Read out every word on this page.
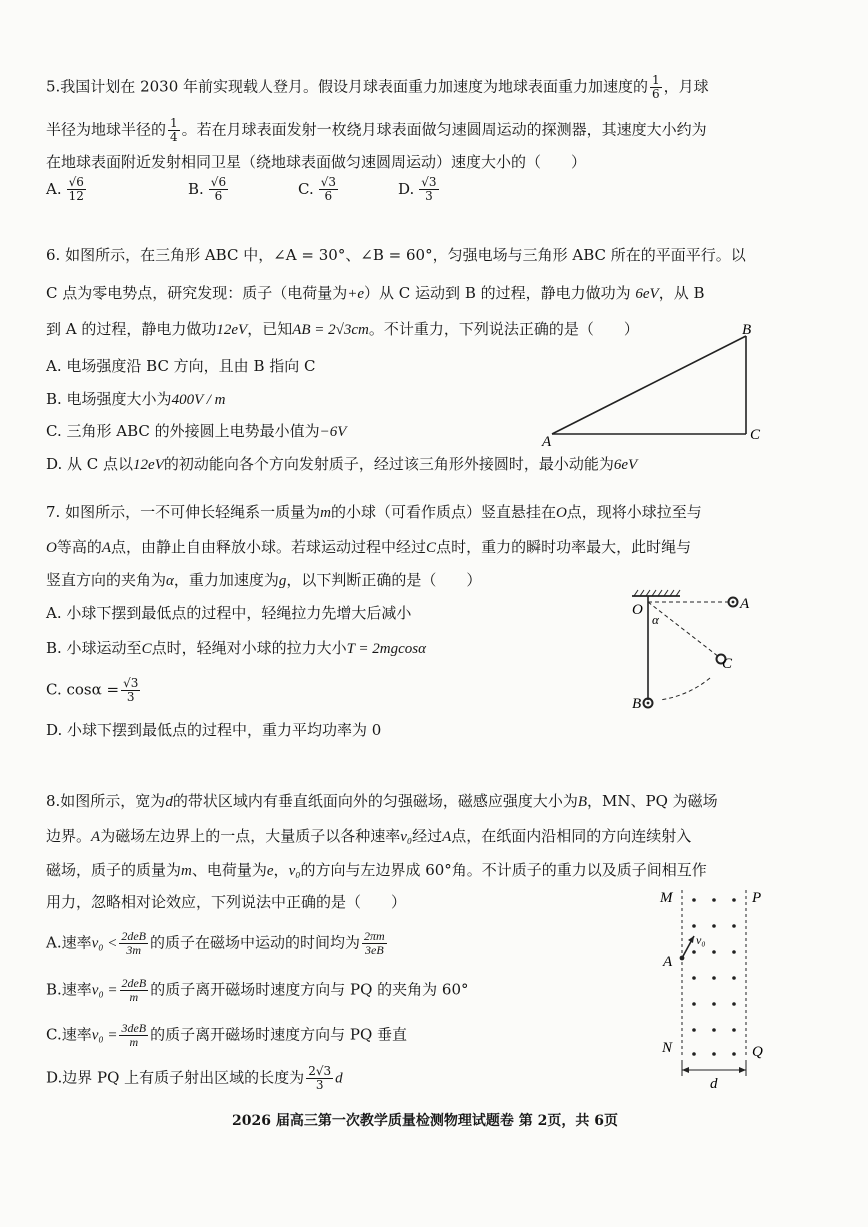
5.我国计划在 2030 年前实现载人登月。假设月球表面重力加速度为地球表面重力加速度的 $\frac{1}{6}$ ，月球
半径为地球半径的 $\frac{1}{4}$ 。若在月球表面发射一枚绕月球表面做匀速圆周运动的探测器，其速度大小约为
在地球表面附近发射相同卫星（绕地球表面做匀速圆周运动）速度大小的（　　）
A. $\frac{√6}{12}$	B. $\frac{√6}{6}$	C. $\frac{√3}{6}$	D. $\frac{√3}{3}$
6. 如图所示，在三角形 ABC 中，∠A = 30°、∠B = 60°，匀强电场与三角形 ABC 所在的平面平行。以
C 点为零电势点，研究发现：质子（电荷量为+e）从 C 运动到 B 的过程，静电力做功为 6eV，从 B
到 A 的过程，静电力做功12eV，已知AB = 2√3cm。不计重力，下列说法正确的是（　　）
A. 电场强度沿 BC 方向，且由 B 指向 C
B. 电场强度大小为400V / m
C. 三角形 ABC 的外接圆上电势最小值为−6V
D. 从 C 点以12eV的初动能向各个方向发射质子，经过该三角形外接圆时，最小动能为6eV
A
B
C
7. 如图所示，一不可伸长轻绳系一质量为m的小球（可看作质点）竖直悬挂在O点，现将小球拉至与
O等高的A点，由静止自由释放小球。若球运动过程中经过C点时，重力的瞬时功率最大，此时绳与
竖直方向的夹角为α，重力加速度为g，以下判断正确的是（　　）
A. 小球下摆到最低点的过程中，轻绳拉力先增大后减小
B. 小球运动至C点时，轻绳对小球的拉力大小T = 2mgcosα
C. $\cos\alpha = \frac{√3}{3}$
D. 小球下摆到最低点的过程中，重力平均功率为 0
O
α
A
C
B
8.如图所示，宽为d的带状区域内有垂直纸面向外的匀强磁场，磁感应强度大小为B，MN、PQ 为磁场
边界。A为磁场左边界上的一点，大量质子以各种速率v₀经过A点，在纸面内沿相同的方向连续射入
磁场，质子的质量为m、电荷量为e，v₀的方向与左边界成 60°角。不计质子的重力以及质子间相互作
用力，忽略相对论效应，下列说法中正确的是（　　）
A.速率$v_0 < \frac{\text{2deB}}{3m}$ 的质子在磁场中运动的时间均为 $\frac{2\pi m}{3eB}$
B.速率$v_0 = \frac{\text{2deB}}{m}$ 的质子离开磁场时速度方向与 PQ 的夹角为 60°
C.速率$v_0 = \frac{\text{3deB}}{m}$ 的质子离开磁场时速度方向与 PQ 垂直
D.边界 PQ 上有质子射出区域的长度为 $\frac{2√3}{3}$ d
M	P
A
v₀
N	Q
d
2026 届高三第一次教学质量检测物理试题卷 第 2页，共 6页
